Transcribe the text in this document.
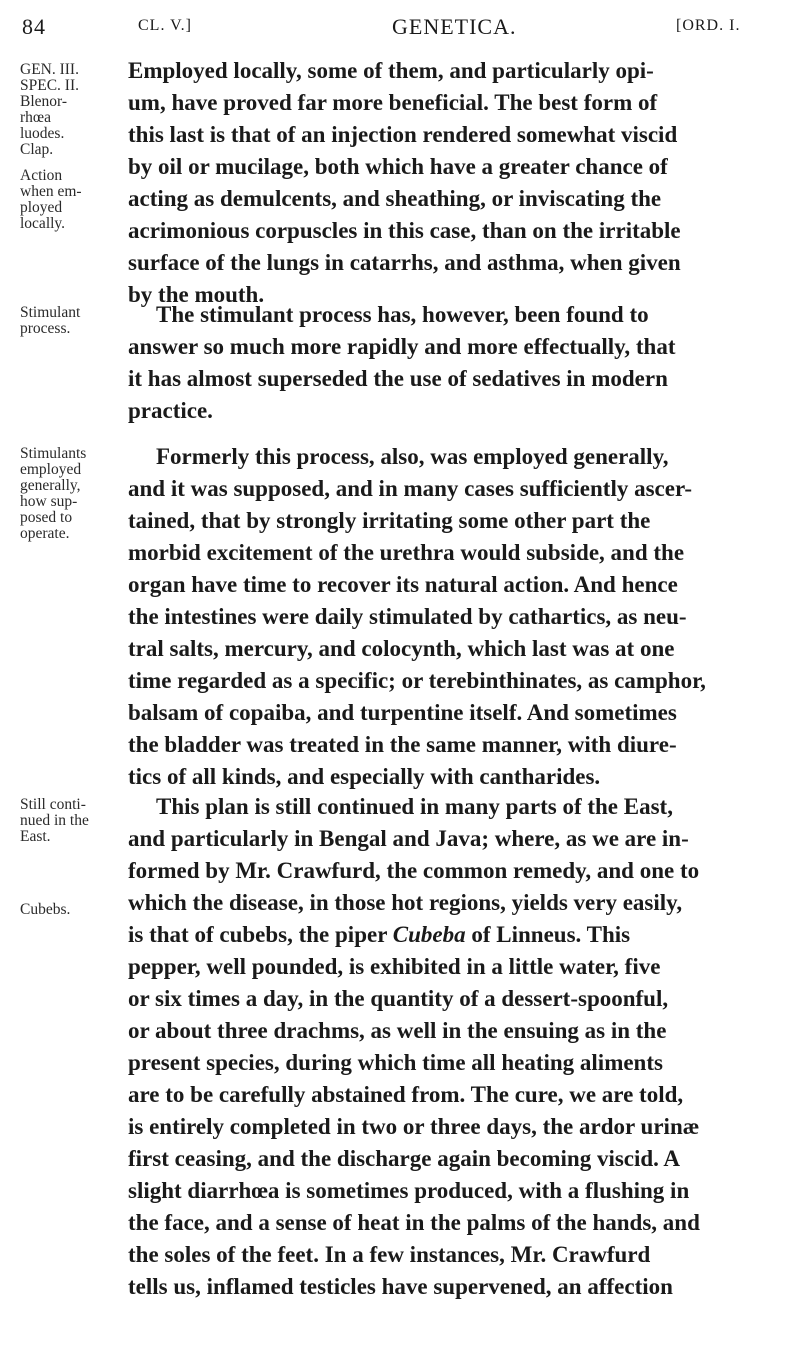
84	CL. V.]	GENETICA.	[ORD. I.
GEN. III.
SPEC. II.
Blenor-
rhœa
luodes.
Clap.
Action
when em-
ployed
locally.
Stimulant
process.
Stimulants
employed
generally,
how sup-
posed to
operate.
Still conti-
nued in the
East.
Cubebs.
Employed locally, some of them, and particularly opi-
um, have proved far more beneficial. The best form of
this last is that of an injection rendered somewhat viscid
by oil or mucilage, both which have a greater chance of
acting as demulcents, and sheathing, or inviscating the
acrimonious corpuscles in this case, than on the irritable
surface of the lungs in catarrhs, and asthma, when given
by the mouth.
The stimulant process has, however, been found to
answer so much more rapidly and more effectually, that
it has almost superseded the use of sedatives in modern
practice.
Formerly this process, also, was employed generally,
and it was supposed, and in many cases sufficiently ascer-
tained, that by strongly irritating some other part the
morbid excitement of the urethra would subside, and the
organ have time to recover its natural action. And hence
the intestines were daily stimulated by cathartics, as neu-
tral salts, mercury, and colocynth, which last was at one
time regarded as a specific; or terebinthinates, as camphor,
balsam of copaiba, and turpentine itself. And sometimes
the bladder was treated in the same manner, with diure-
tics of all kinds, and especially with cantharides.
This plan is still continued in many parts of the East,
and particularly in Bengal and Java; where, as we are in-
formed by Mr. Crawfurd, the common remedy, and one to
which the disease, in those hot regions, yields very easily,
is that of cubebs, the piper Cubeba of Linneus. This
pepper, well pounded, is exhibited in a little water, five
or six times a day, in the quantity of a dessert-spoonful,
or about three drachms, as well in the ensuing as in the
present species, during which time all heating aliments
are to be carefully abstained from. The cure, we are told,
is entirely completed in two or three days, the ardor urinæ
first ceasing, and the discharge again becoming viscid. A
slight diarrhœa is sometimes produced, with a flushing in
the face, and a sense of heat in the palms of the hands, and
the soles of the feet. In a few instances, Mr. Crawfurd
tells us, inflamed testicles have supervened, an affection
